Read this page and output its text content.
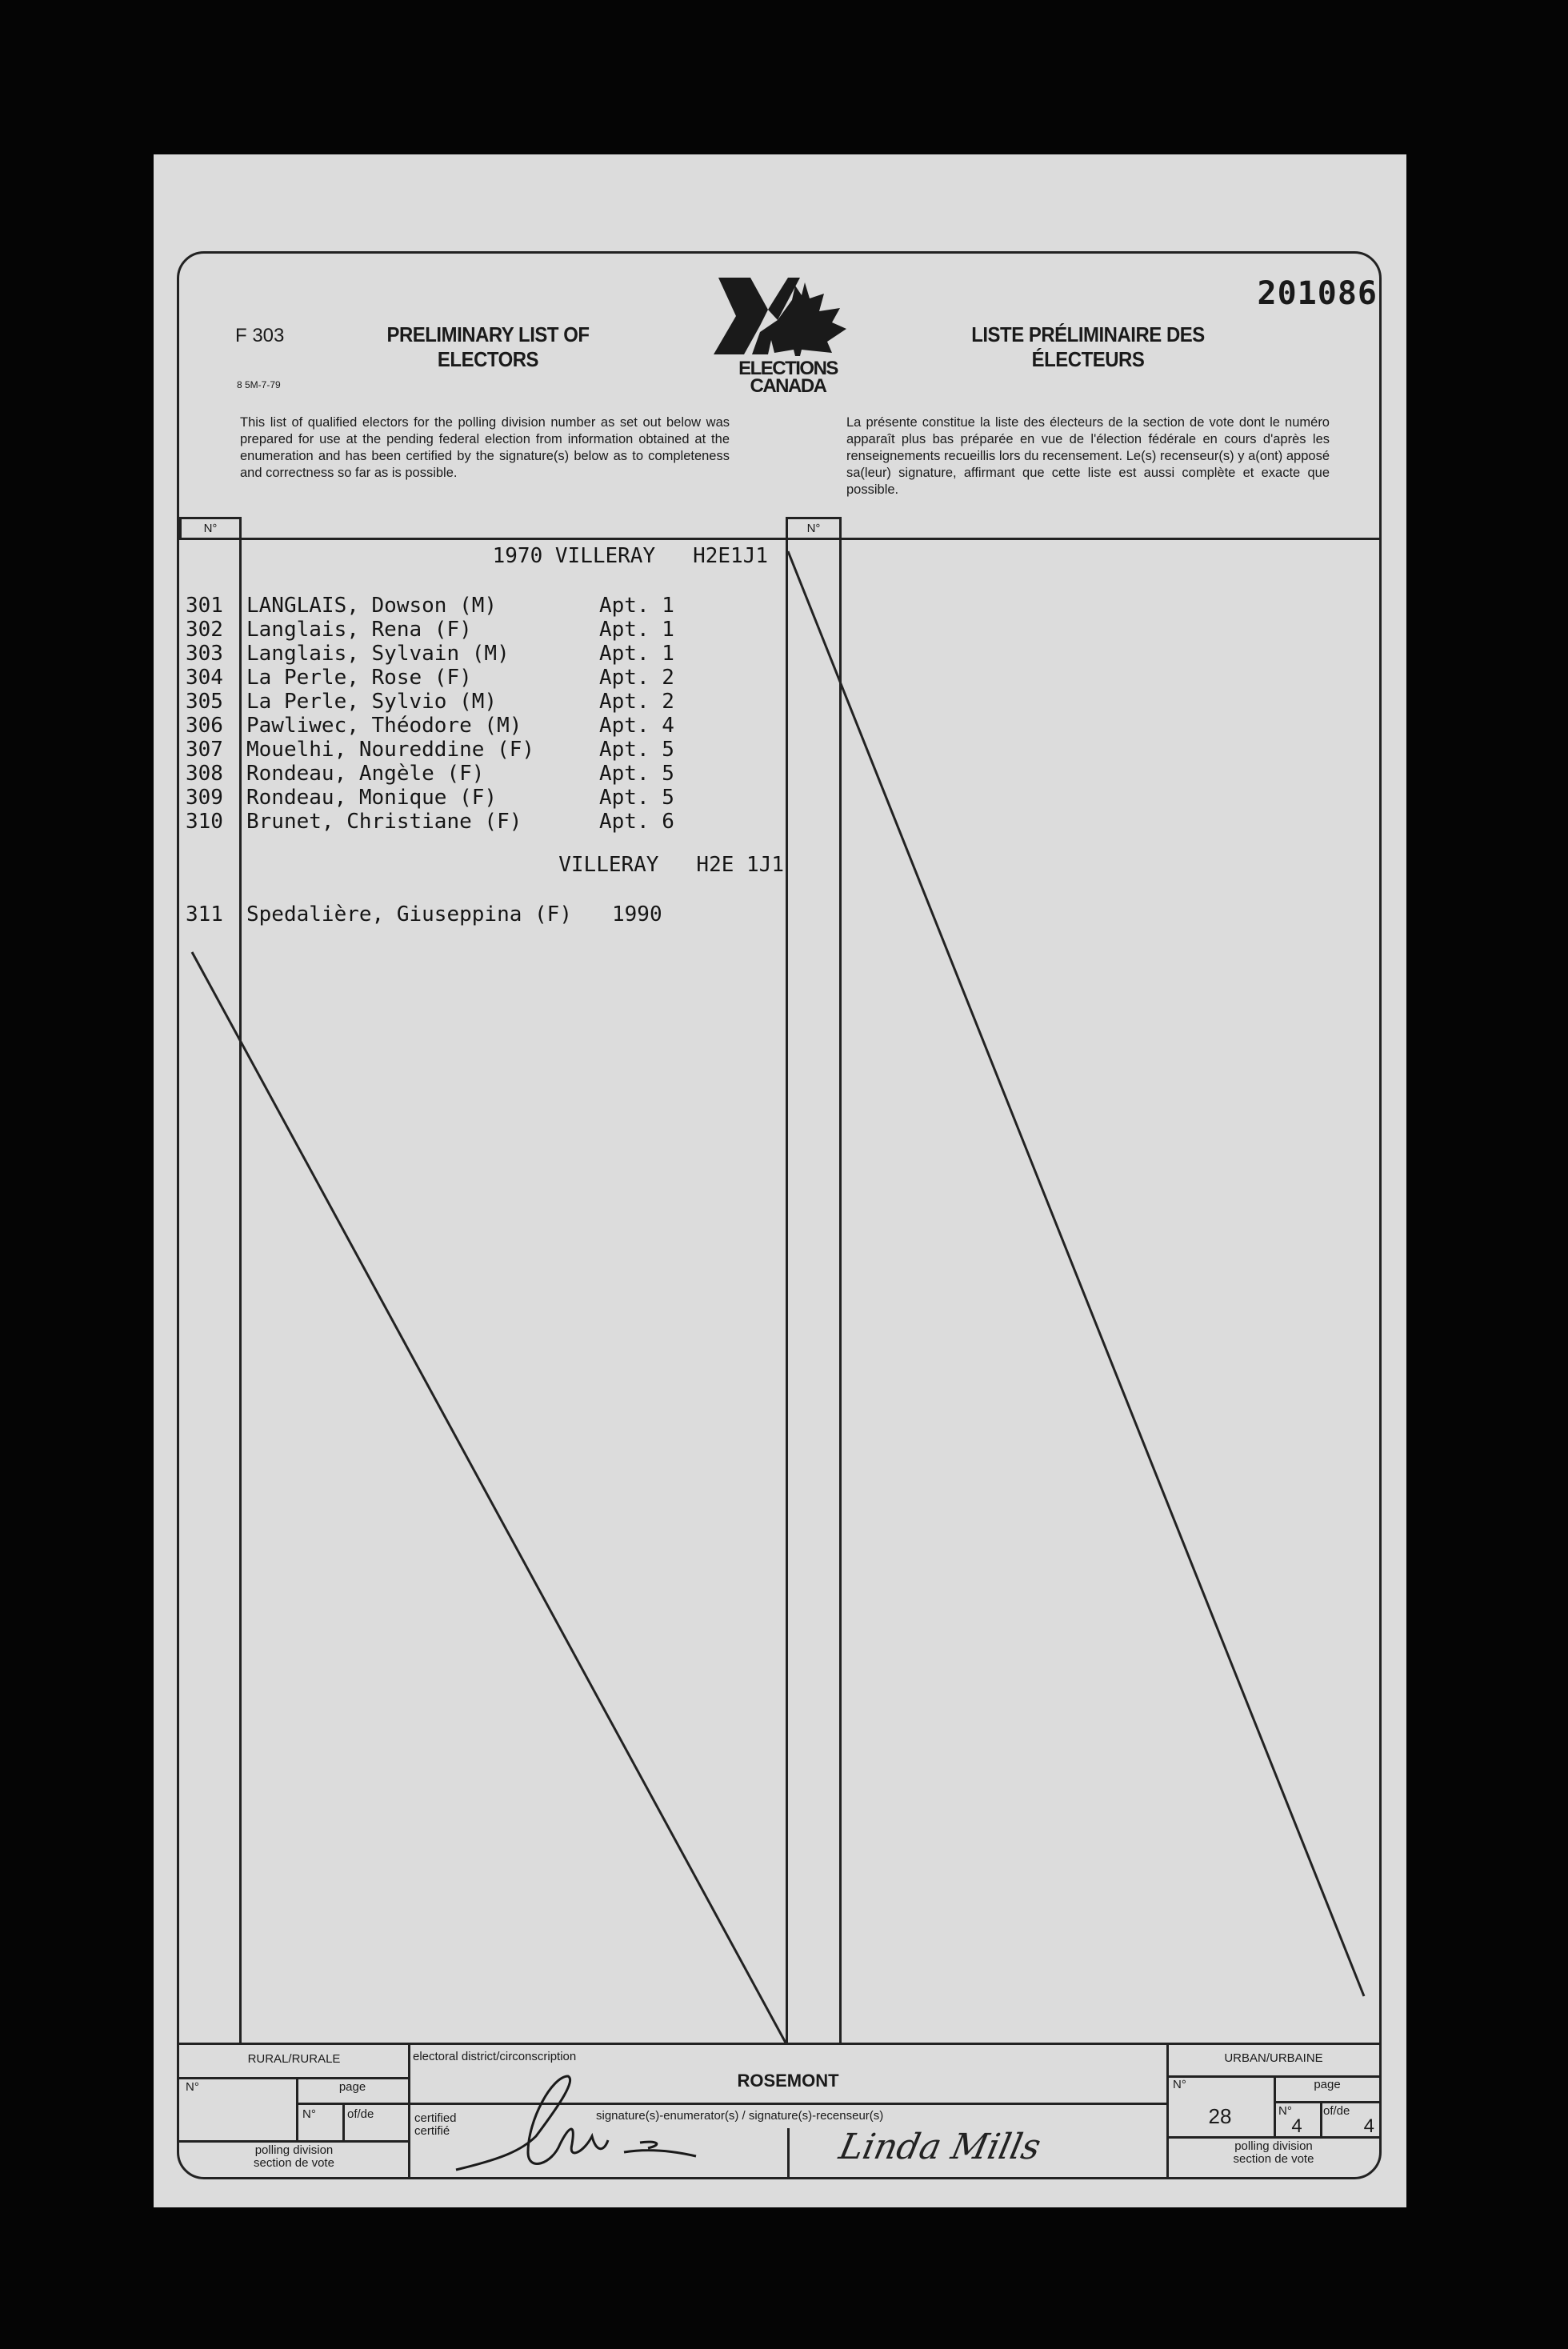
F 303
8 5M-7-79
PRELIMINARY LIST OF
ELECTORS
LISTE PRÉLIMINAIRE DES
ÉLECTEURS
ELECTIONS
CANADA
201086
This list of qualified electors for the polling division number as set out below was prepared for use at the pending federal election from information obtained at the enumeration and has been certified by the signature(s) below as to completeness and correctness so far as is possible.
La présente constitue la liste des électeurs de la section de vote dont le numéro apparaît plus bas préparée en vue de l'élection fédérale en cours d'après les renseignements recueillis lors du recensement. Le(s) recenseur(s) y a(ont) apposé sa(leur) signature, affirmant que cette liste est aussi complète et exacte que possible.
N°	N°
1970 VILLERAY   H2E1J1
301 LANGLAIS, Dowson (M)	Apt. 1
302 Langlais, Rena (F)	Apt. 1
303 Langlais, Sylvain (M)	Apt. 1
304 La Perle, Rose (F)	Apt. 2
305 La Perle, Sylvio (M)	Apt. 2
306 Pawliwec, Théodore (M)	Apt. 4
307 Mouelhi, Noureddine (F)	Apt. 5
308 Rondeau, Angèle (F)	Apt. 5
309 Rondeau, Monique (F)	Apt. 5
310 Brunet, Christiane (F)	Apt. 6
VILLERAY   H2E 1J1
311 Spedalière, Giuseppina (F) 1990
RURAL/RURALE
N°	page
N°	of/de
polling division
section de vote
electoral district/circonscription
ROSEMONT
certified
certifié
signature(s)-enumerator(s) / signature(s)-recenseur(s)
Linda Mills
URBAN/URBAINE
N°	page
28	N°	of/de
4	4
polling division
section de vote
